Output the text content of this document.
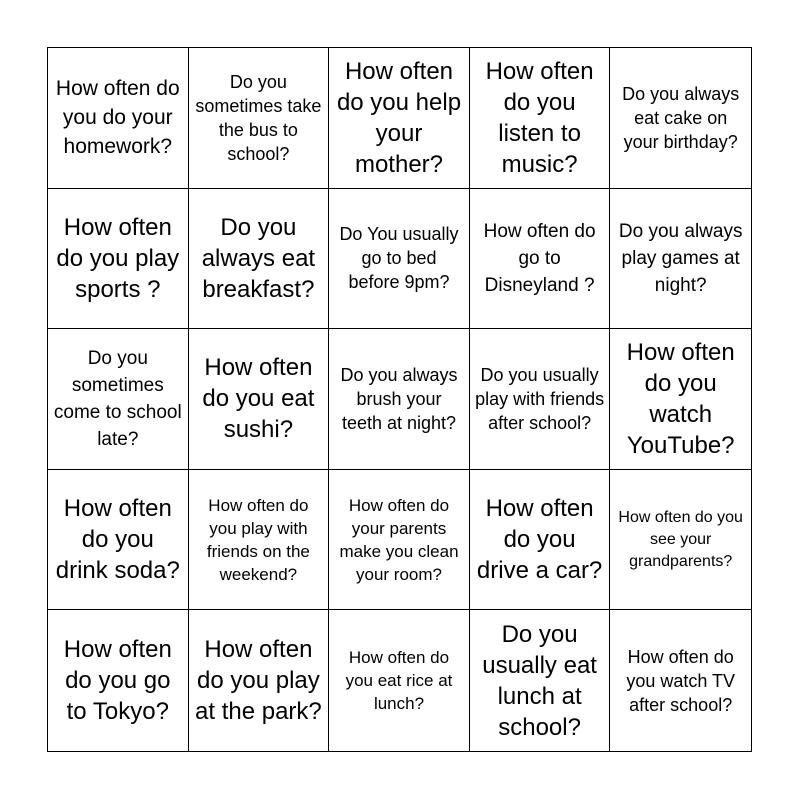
How often do you do your homework?
Do you sometimes take the bus to school?
How often do you help your mother?
How often do you listen to music?
Do you always eat cake on your birthday?
How often do you play sports ?
Do you always eat breakfast?
Do You usually go to bed before 9pm?
How often do go to Disneyland ?
Do you always play games at night?
Do you sometimes come to school late?
How often do you eat sushi?
Do you always brush your teeth at night?
Do you usually play with friends after school?
How often do you watch YouTube?
How often do you drink soda?
How often do you play with friends on the weekend?
How often do your parents make you clean your room?
How often do you drive a car?
How often do you see your grandparents?
How often do you go to Tokyo?
How often do you play at the park?
How often do you eat rice at lunch?
Do you usually eat lunch at school?
How often do you watch TV after school?
